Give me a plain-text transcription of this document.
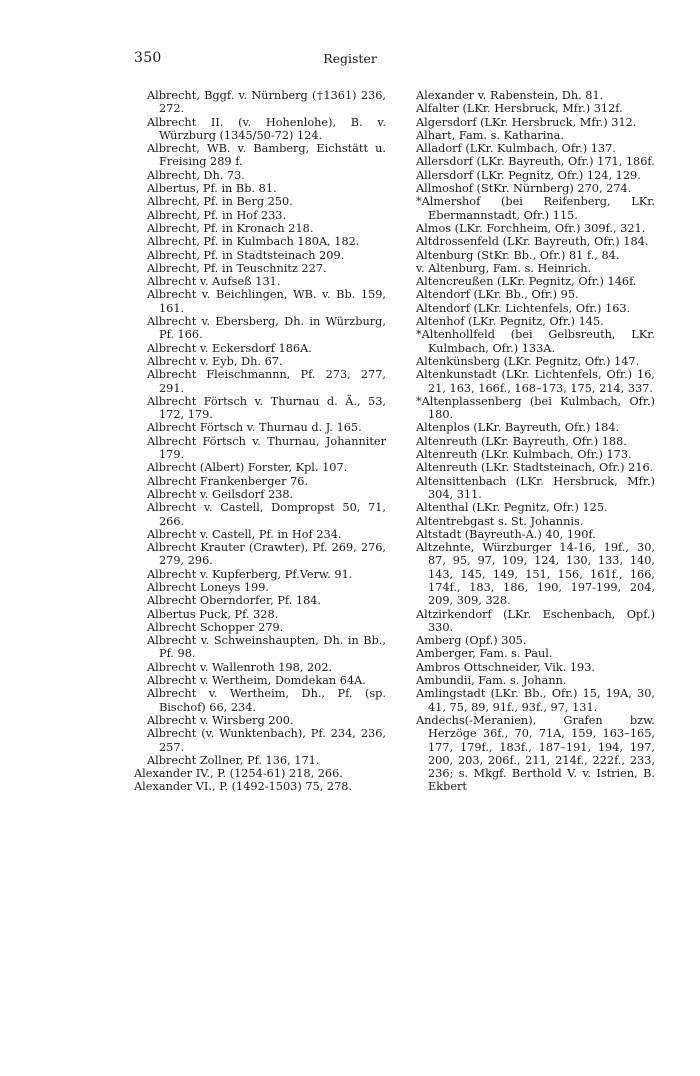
350	Register
Albrecht, Bggf. v. Nürnberg (†1361) 236, 272.
Albrecht II. (v. Hohenlohe), B. v. Würzburg (1345/50-72) 124.
Albrecht, WB. v. Bamberg, Eichstätt u. Freising 289 f.
Albrecht, Dh. 73.
Albertus, Pf. in Bb. 81.
Albrecht, Pf. in Berg 250.
Albrecht, Pf. in Hof 233.
Albrecht, Pf. in Kronach 218.
Albrecht, Pf. in Kulmbach 180A, 182.
Albrecht, Pf. in Stadtsteinach 209.
Albrecht, Pf. in Teuschnitz 227.
Albrecht v. Aufseß 131.
Albrecht v. Beichlingen, WB. v. Bb. 159, 161.
Albrecht v. Ebersberg, Dh. in Würzburg, Pf. 166.
Albrecht v. Eckersdorf 186A.
Albrecht v. Eyb, Dh. 67.
Albrecht Fleischmannn, Pf. 273, 277, 291.
Albrecht Förtsch v. Thurnau d. Ä., 53, 172, 179.
Albrecht Förtsch v. Thurnau d. J. 165.
Albrecht Förtsch v. Thurnau, Johanniter 179.
Albrecht (Albert) Forster, Kpl. 107.
Albrecht Frankenberger 76.
Albrecht v. Geilsdorf 238.
Albrecht v. Castell, Dompropst 50, 71, 266.
Albrecht v. Castell, Pf. in Hof 234.
Albrecht Krauter (Crawter), Pf. 269, 276, 279, 296.
Albrecht v. Kupferberg, Pf.Verw. 91.
Albrecht Loneys 199.
Albrecht Oberndorfer, Pf. 184.
Albertus Puck, Pf. 328.
Albrecht Schopper 279.
Albrecht v. Schweinshaupten, Dh. in Bb., Pf. 98.
Albrecht v. Wallenroth 198, 202.
Albrecht v. Wertheim, Domdekan 64A.
Albrecht v. Wertheim, Dh., Pf. (sp. Bischof) 66, 234.
Albrecht v. Wirsberg 200.
Albrecht (v. Wunktenbach), Pf. 234, 236, 257.
Albrecht Zollner, Pf. 136, 171.
Alexander IV., P. (1254-61) 218, 266.
Alexander VI., P. (1492-1503) 75, 278.
Alexander v. Rabenstein, Dh. 81.
Alfalter (LKr. Hersbruck, Mfr.) 312f.
Algersdorf (LKr. Hersbruck, Mfr.) 312.
Alhart, Fam. s. Katharina.
Alladorf (LKr. Kulmbach, Ofr.) 137.
Allersdorf (LKr. Bayreuth, Ofr.) 171, 186f.
Allersdorf (LKr. Pegnitz, Ofr.) 124, 129.
Allmoshof (StKr. Nürnberg) 270, 274.
*Almershof (bei Reifenberg, LKr. Ebermannstadt, Ofr.) 115.
Almos (LKr. Forchheim, Ofr.) 309f., 321.
Altdrossenfeld (LKr. Bayreuth, Ofr.) 184.
Altenburg (StKr. Bb., Ofr.) 81 f., 84.
v. Altenburg, Fam. s. Heinrich.
Altencreußen (LKr. Pegnitz, Ofr.) 146f.
Altendorf (LKr. Bb., Ofr.) 95.
Altendorf (LKr. Lichtenfels, Ofr.) 163.
Altenhof (LKr. Pegnitz, Ofr.) 145.
*Altenhollfeld (bei Gelbsreuth, LKr. Kulmbach, Ofr.) 133A.
Altenkünsberg (LKr. Pegnitz, Ofr.) 147.
Altenkunstadt (LKr. Lichtenfels, Ofr.) 16, 21, 163, 166f., 168–173, 175, 214, 337.
*Altenplassenberg (bei Kulmbach, Ofr.) 180.
Altenplos (LKr. Bayreuth, Ofr.) 184.
Altenreuth (LKr. Bayreuth, Ofr.) 188.
Altenreuth (LKr. Kulmbach, Ofr.) 173.
Altenreuth (LKr. Stadtsteinach, Ofr.) 216.
Altensittenbach (LKr. Hersbruck, Mfr.) 304, 311.
Altenthal (LKr. Pegnitz, Ofr.) 125.
Altentrebgast s. St. Johannis.
Altstadt (Bayreuth-A.) 40, 190f.
Altzehnte, Würzburger 14-16, 19f., 30, 87, 95, 97, 109, 124, 130, 133, 140, 143, 145, 149, 151, 156, 161f., 166, 174f., 183, 186, 190, 197-199, 204, 209, 309, 328.
Altzirkendorf (LKr. Eschenbach, Opf.) 330.
Amberg (Opf.) 305.
Amberger, Fam. s. Paul.
Ambros Ottschneider, Vik. 193.
Ambundii, Fam. s. Johann.
Amlingstadt (LKr. Bb., Ofr.) 15, 19A, 30, 41, 75, 89, 91f., 93f., 97, 131.
Andechs(-Meranien), Grafen bzw. Herzöge 36f., 70, 71A, 159, 163–165, 177, 179f., 183f., 187–191, 194, 197, 200, 203, 206f., 211, 214f., 222f., 233, 236; s. Mkgf. Berthold V. v. Istrien, B. Ekbert
